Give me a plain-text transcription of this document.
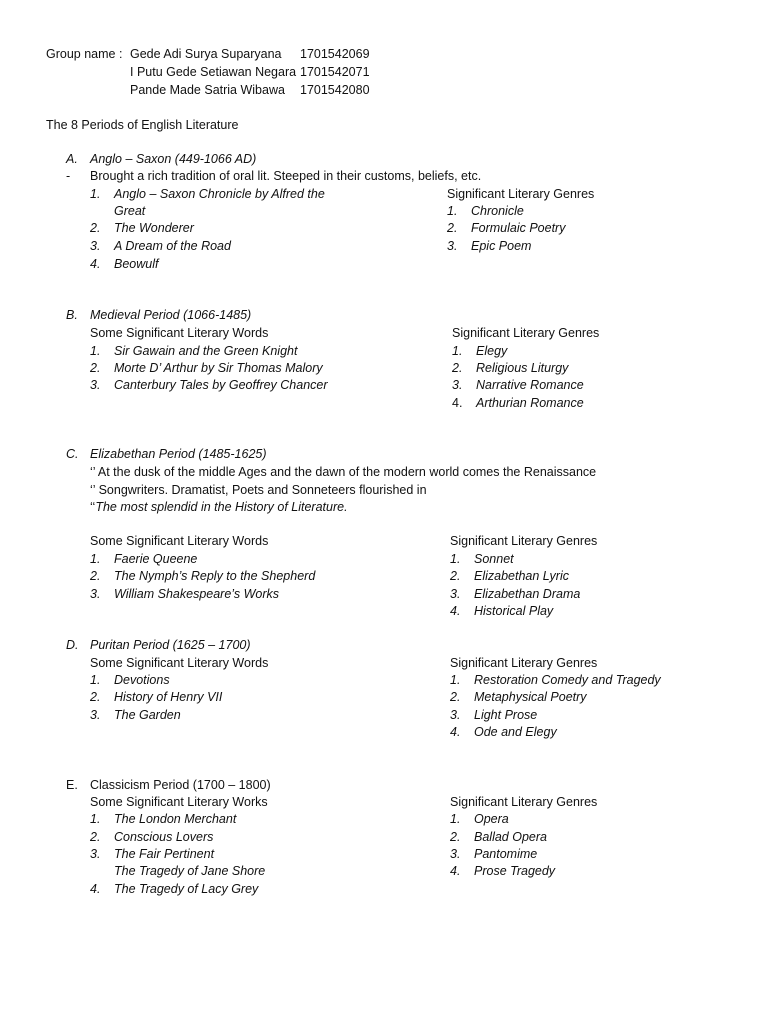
Group name : Gede Adi Surya Suparyana 1701542069
I Putu Gede Setiawan Negara 1701542071
Pande Made Satria Wibawa 1701542080
The 8 Periods of English Literature
A. Anglo – Saxon (449-1066 AD)
- Brought a rich tradition of oral lit. Steeped in their customs, beliefs, etc.
1. Anglo – Saxon Chronicle by Alfred the
Great
2. The Wonderer
3. A Dream of the Road
4. Beowulf
Significant Literary Genres
1. Chronicle
2. Formulaic Poetry
3. Epic Poem
B. Medieval Period (1066-1485)
Some Significant Literary Words
1. Sir Gawain and the Green Knight
2. Morte D’ Arthur by Sir Thomas Malory
3. Canterbury Tales by Geoffrey Chancer
Significant Literary Genres
1. Elegy
2. Religious Liturgy
3. Narrative Romance
4. Arthurian Romance
C. Elizabethan Period (1485-1625)
‘’ At the dusk of the middle Ages and the dawn of the modern world comes the Renaissance
‘’ Songwriters. Dramatist, Poets and Sonneteers flourished in
‘‘The most splendid in the History of Literature.
Some Significant Literary Words
1. Faerie Queene
2. The Nymph’s Reply to the Shepherd
3. William Shakespeare’s Works
Significant Literary Genres
1. Sonnet
2. Elizabethan Lyric
3. Elizabethan Drama
4. Historical Play
D. Puritan Period (1625 – 1700)
Some Significant Literary Words
1. Devotions
2. History of Henry VII
3. The Garden
Significant Literary Genres
1. Restoration Comedy and Tragedy
2. Metaphysical Poetry
3. Light Prose
4. Ode and Elegy
E. Classicism Period (1700 – 1800)
Some Significant Literary Works
1. The London Merchant
2. Conscious Lovers
3. The Fair Pertinent
The Tragedy of Jane Shore
4. The Tragedy of Lacy Grey
Significant Literary Genres
1. Opera
2. Ballad Opera
3. Pantomime
4. Prose Tragedy
